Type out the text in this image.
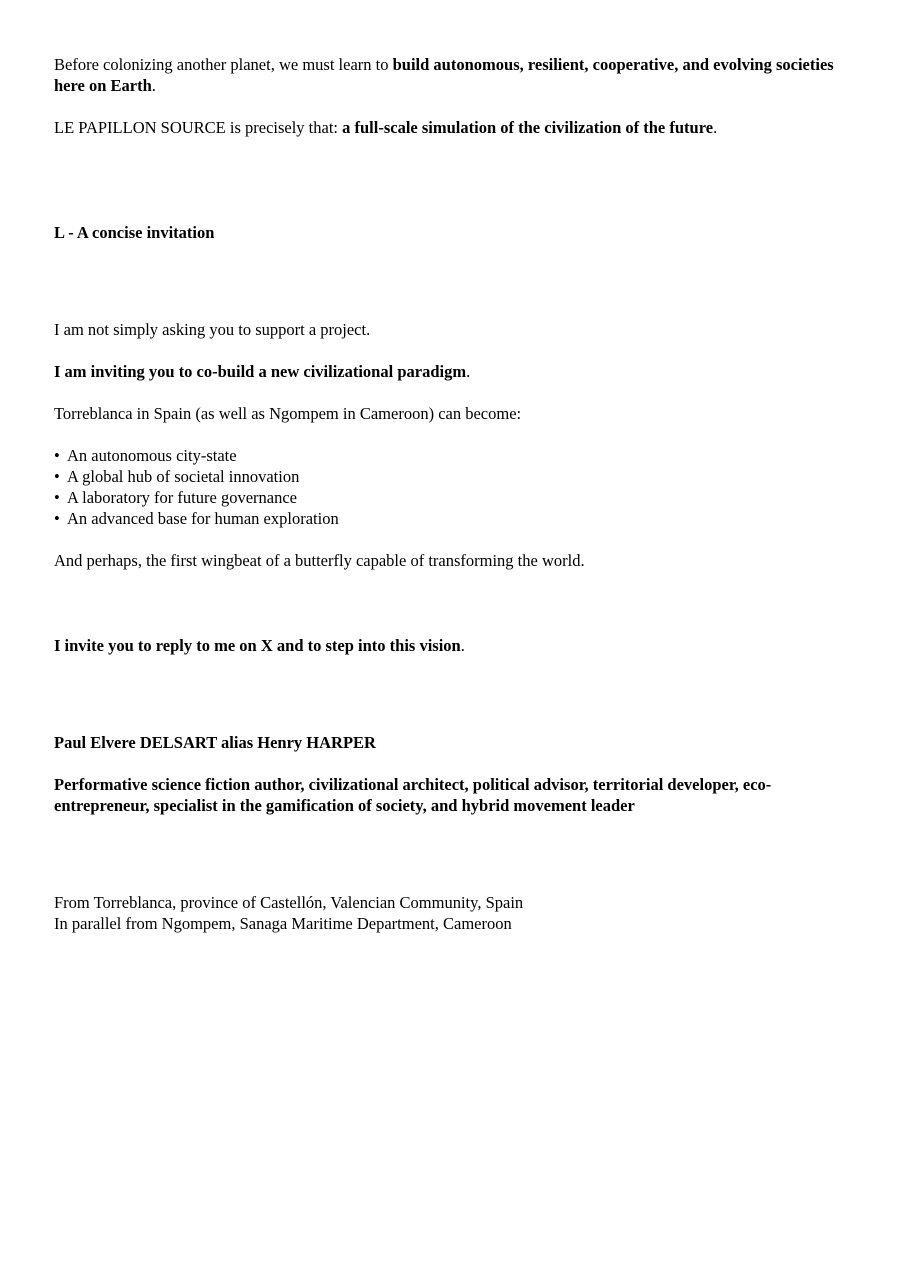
Before colonizing another planet, we must learn to build autonomous, resilient, cooperative, and evolving societies here on Earth.

LE PAPILLON SOURCE is precisely that: a full-scale simulation of the civilization of the future.

L - A concise invitation

I am not simply asking you to support a project.

I am inviting you to co-build a new civilizational paradigm.

Torreblanca in Spain (as well as Ngompem in Cameroon) can become:

• An autonomous city-state
• A global hub of societal innovation
• A laboratory for future governance
• An advanced base for human exploration

And perhaps, the first wingbeat of a butterfly capable of transforming the world.

I invite you to reply to me on X and to step into this vision.

Paul Elvere DELSART alias Henry HARPER

Performative science fiction author, civilizational architect, political advisor, territorial developer, eco-entrepreneur, specialist in the gamification of society, and hybrid movement leader

From Torreblanca, province of Castellón, Valencian Community, Spain

In parallel from Ngompem, Sanaga Maritime Department, Cameroon
